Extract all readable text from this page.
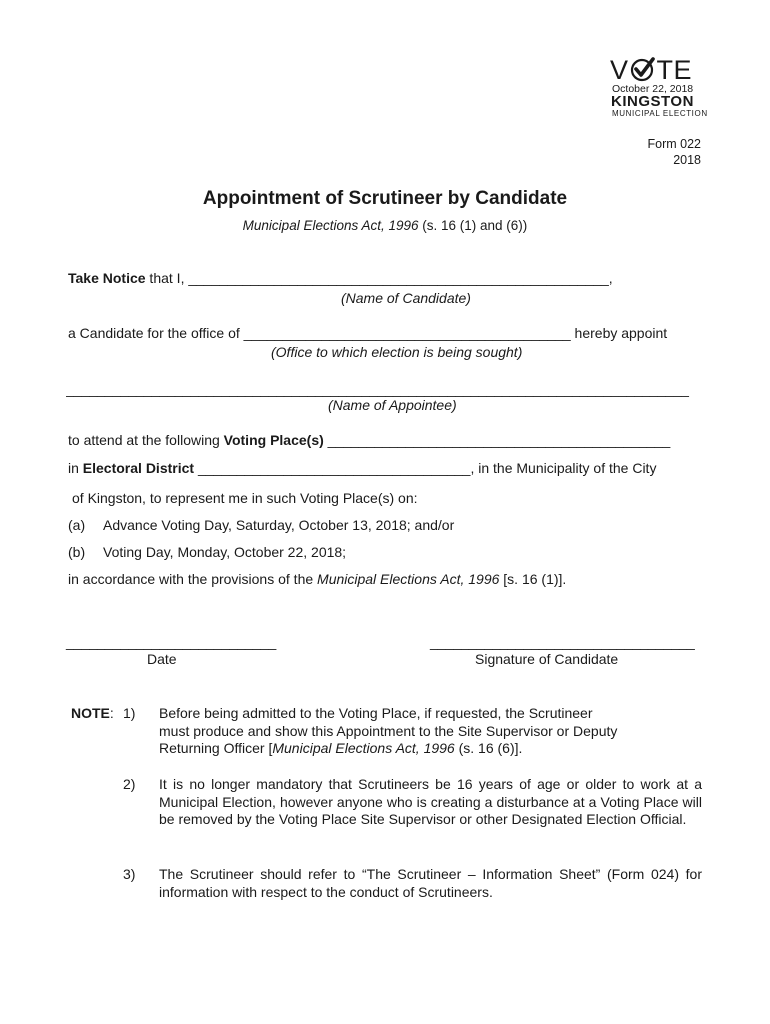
V TE
October 22, 2018
KINGSTON
MUNICIPAL ELECTION
Form 022
2018
Appointment of Scrutineer by Candidate
Municipal Elections Act, 1996 (s. 16 (1) and (6))
Take Notice that I, ______________________________________________________,
(Name of Candidate)
a Candidate for the office of __________________________________________ hereby appoint
(Office to which election is being sought)
________________________________________________________________________________
(Name of Appointee)
to attend at the following Voting Place(s) ____________________________________________
in Electoral District ___________________________________, in the Municipality of the City
of Kingston, to represent me in such Voting Place(s) on:
(a) Advance Voting Day, Saturday, October 13, 2018; and/or
(b) Voting Day, Monday, October 22, 2018;
in accordance with the provisions of the Municipal Elections Act, 1996 [s. 16 (1)].
___________________________
Date
__________________________________
Signature of Candidate
NOTE: 1) Before being admitted to the Voting Place, if requested, the Scrutineer
must produce and show this Appointment to the Site Supervisor or Deputy
Returning Officer [Municipal Elections Act, 1996 (s. 16 (6)].
2) It is no longer mandatory that Scrutineers be 16 years of age or older to work at a Municipal Election, however anyone who is creating a disturbance at a Voting Place will be removed by the Voting Place Site Supervisor or other Designated Election Official.
3) The Scrutineer should refer to “The Scrutineer – Information Sheet” (Form 024) for information with respect to the conduct of Scrutineers.
